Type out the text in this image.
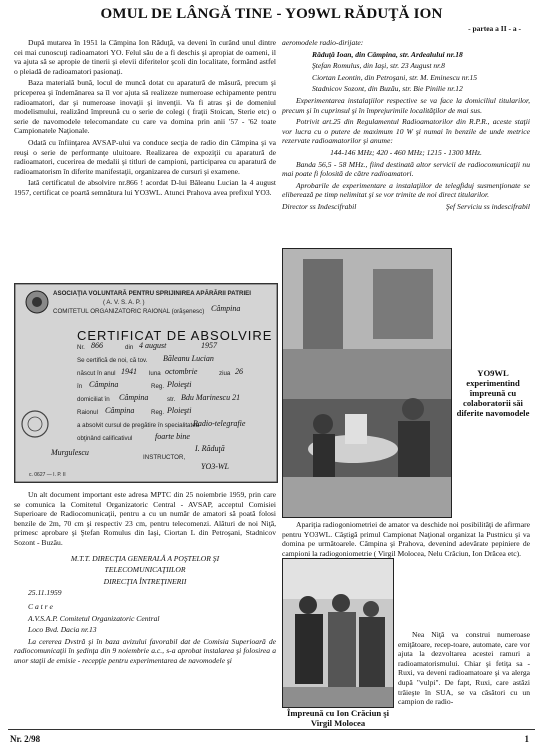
OMUL DE LÂNGĂ TINE - YO9WL RĂDUŢĂ ION
- partea a II - a -

După mutarea în 1951 la Câmpina Ion Răduţă, va deveni în curând unul dintre cei mai cunoscuţi radioamatori YO. Felul său de a fi deschis şi apropiat de oameni, il va ajuta să se apropie de tinerii şi elevii diferitelor şcoli din localitate, formând astfel o pleiadă de radioamatori pasionaţi.

Baza materială bună, locul de muncă dotat cu aparatură de măsură, precum şi priceperea şi îndemânarea sa îl vor ajuta să realizeze numeroase echipamente pentru radioamatori, dar şi numeroase inovaţii şi invenţii. Va fi atras şi de domeniul modelismului, realizând împreună cu o serie de colegi ( fraţii Stoican, Sterie etc) o serie de navomodele telecomandate cu care va domina prin anii '57 - '62 toate Campionatele Naţionale.

Odată cu înfiinţarea AVSAP-ului va conduce secţia de radio din Câmpina şi va reuşi o serie de performanţe uluitoare. Realizarea de expoziţii cu aparatură de radioamatori, cucerirea de medalii şi titluri de campioni, participarea cu aparatură de radioamatorism în diferite manifestaţii, organizarea de cursuri şi examene.

Iată certificatul de absolvire nr.866 ! acordat D-lui Băleanu Lucian la 4 august 1957, certificat ce poartă semnătura lui YO3WL. Atunci Prahova avea prefixul YO3.

ASOCIAŢIA VOLUNTARĂ PENTRU SPRIJINIREA APĂRĂRII PATRIEI
( A. V. S. A. P. )
COMITETUL ORGANIZATORIC RAIONAL (orăşenesc) Câmpina
CERTIFICAT DE ABSOLVIRE
Nr. 866	din 4 august	1957
Se certifică de noi, că tov. Băleanu Lucian
născut în anul 1941 luna octombrie	ziua 26
în Câmpina	Reg. Ploieşti
domiciliat în Câmpina	str. Bdu Marinescu 21
Raionul Câmpina	Reg. Ploieşti
a absolvit cursul de pregătire în specialitatea
Radio-telegrafie
obţinând calificativul	foarte bine
Murgulescu
INSTRUCTOR,
I. Răduţă
YO3-WL
c. 0627 — I. P. II

Un alt document important este adresa MPTC din 25 noiembrie 1959, prin care se comunica la Comitetul Organizatoric Central - AVSAP, acceptul Comisiei Superioare de Radiocomunicaţii, pentru a cu un număr de amatori să poată folosi benzile de 2m, 70 cm şi respectiv 23 cm, pentru telecomenzi. Alături de noi Niţă, primesc aprobare şi Ştefan Romulus din Iaşi, Ciortan L din Petroşani, Stadnicov Sozont - Buzău.

M.T.T. DIRECŢIA GENERALĂ A POŞTELOR ŞI

TELECOMUNICAŢIILOR

DIRECŢIA ÎNTREŢINERII

25.11.1959

C a t r e

A.V.S.A.P. Comitetul Organizatoric Central

Loco Bvd. Dacia nr.13

La cererea Dvstră şi în baza avizului favorabil dat de Comisia Superioară de radiocomunicaţii în şedinţa din 9 noiembrie a.c., s-a aprobat instalarea şi folosirea a unor staţii de emisie - recepţie pentru experimentarea de navomodele şi

aeromodele radio-dirijate:

Răduţă Ioan, din Câmpina, str. Ardealului nr.18

Ştefan Romulus, din Iaşi, str. 23 August nr.8

Ciortan Leontin, din Petroşani, str. M. Eminescu nr.15

Stadnicov Sozont, din Buzău, str. Bie Pinilie nr.12

Experimentarea instalaţiilor respective se va face la domiciliul titularilor, precum şi în cuprinsul şi în împrejurimile localităţilor de mai sus.

Potrivit art.25 din Regulamentul Radioamatorilor din R.P.R., aceste staţii vor lucra cu o putere de maximum 10 W şi numai în benzile de unde metrice rezervate radioamatorilor şi anume:

144-146 MHz; 420 - 460 MHz; 1215 - 1300 MHz.

Banda 56,5 - 58 MHz., fiind destinată altor servicii de radiocomunicaţii nu mai poate fi folosită de către radioamatori.

Aprobarile de experimentare a instalaţiilor de telegfiduj susmenţionate se eliberează pe timp nelimitat şi se vor trimite de noi direct titularilor.

Director ss Indescifrabil	Şef Serviciu ss indescifrabil
YO9WL experimentind împreună cu colaboratorii săi diferite navomodele

Apariţia radiogoniometriei de amator va deschide noi posibilităţi de afirmare pentru YO3WL. Câştigă primul Campionat Naţional organizat la Pustnicu şi va domina pe următoarele. Câmpina şi Prahova, devenind adevărate pepiniere de campioni la radiogoniometrie ( Virgil Molocea, Nelu Crăciun, Ion Drăcea etc).

Împreună cu Ion Crăciun şi Virgil Molocea

Nea Niţă va construi numeroase emiţătoare, recep-toare, automate, care vor ajuta la dezvoltarea acestei ramuri a radioamatorismului. Chiar şi fetiţa sa - Ruxi, va deveni radioamatoare şi va alerga după "vulpi". De fapt, Ruxi, care astăzi trăieşte în SUA, se va căsători cu un campion de radio-

Nr. 2/98	1
